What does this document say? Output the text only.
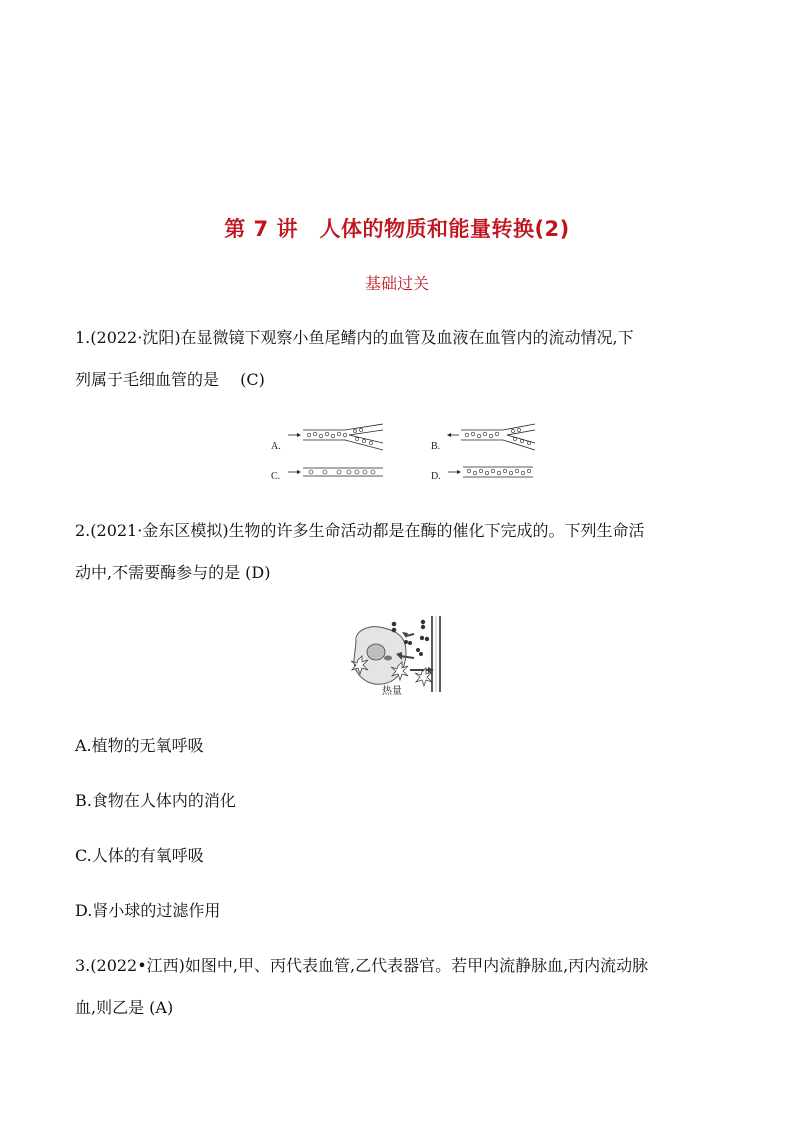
第 7 讲　人体的物质和能量转换(2)
基础过关
1.(2022·沈阳)在显微镜下观察小鱼尾鳍内的血管及血液在血管内的流动情况,下
列属于毛细血管的是　 (C)
A.	B.
C.	D.
2.(2021·金东区模拟)生物的许多生命活动都是在酶的催化下完成的。下列生命活
动中,不需要酶参与的是 (D)
热量
A.植物的无氧呼吸
B.食物在人体内的消化
C.人体的有氧呼吸
D.肾小球的过滤作用
3.(2022•江西)如图中,甲、丙代表血管,乙代表器官。若甲内流静脉血,丙内流动脉
血,则乙是 (A)
